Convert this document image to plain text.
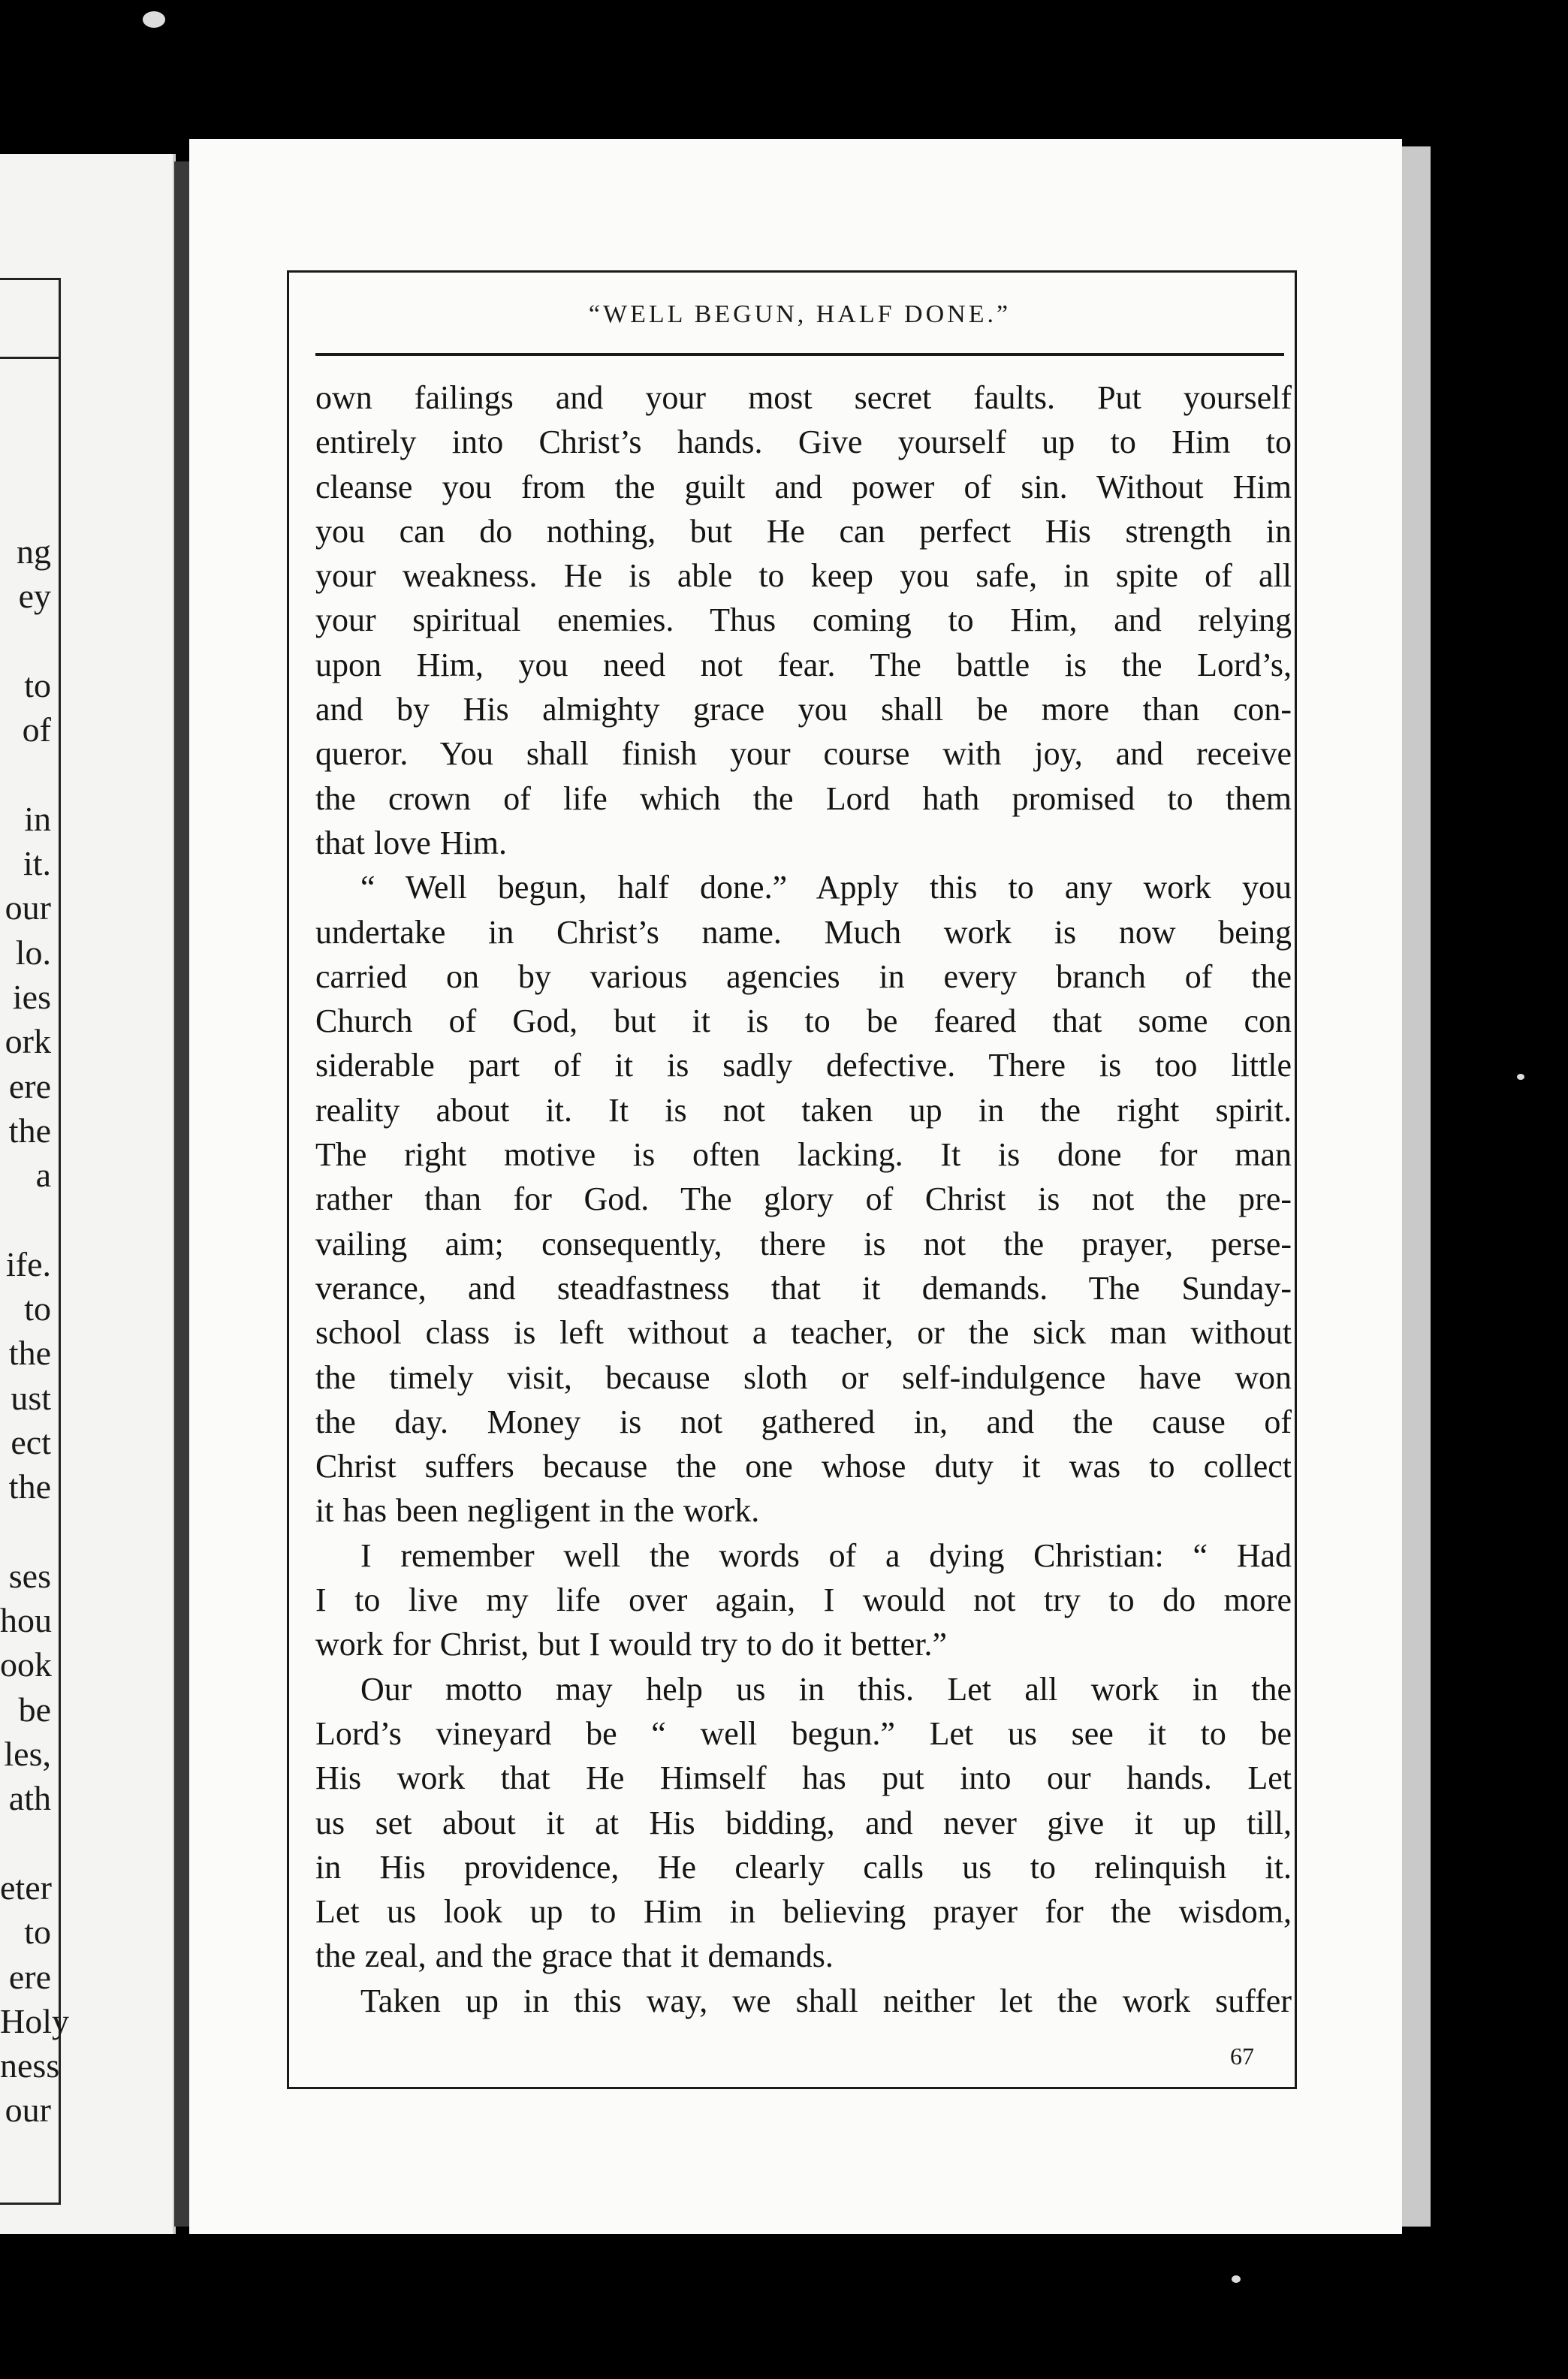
ng
ey
to
of
in
it.
our
lo.
ies
ork
ere
the
a
ife.
to
the
ust
ect
the
ses
hou
ook
be
les,
ath
eter
to
ere
Holy
ness
our
“WELL BEGUN, HALF DONE.”
own failings and your most secret faults. Put yourself
entirely into Christ’s hands. Give yourself up to Him to
cleanse you from the guilt and power of sin. Without Him
you can do nothing, but He can perfect His strength in
your weakness. He is able to keep you safe, in spite of all
your spiritual enemies. Thus coming to Him, and relying
upon Him, you need not fear. The battle is the Lord’s,
and by His almighty grace you shall be more than con-
queror. You shall finish your course with joy, and receive
the crown of life which the Lord hath promised to them
that love Him.
“ Well begun, half done.” Apply this to any work you
undertake in Christ’s name. Much work is now being
carried on by various agencies in every branch of the
Church of God, but it is to be feared that some con
siderable part of it is sadly defective. There is too little
reality about it. It is not taken up in the right spirit.
The right motive is often lacking. It is done for man
rather than for God. The glory of Christ is not the pre-
vailing aim; consequently, there is not the prayer, perse-
verance, and steadfastness that it demands. The Sunday-
school class is left without a teacher, or the sick man without
the timely visit, because sloth or self-indulgence have won
the day. Money is not gathered in, and the cause of
Christ suffers because the one whose duty it was to collect
it has been negligent in the work.
I remember well the words of a dying Christian: “ Had
I to live my life over again, I would not try to do more
work for Christ, but I would try to do it better.”
Our motto may help us in this. Let all work in the
Lord’s vineyard be “ well begun.” Let us see it to be
His work that He Himself has put into our hands. Let
us set about it at His bidding, and never give it up till,
in His providence, He clearly calls us to relinquish it.
Let us look up to Him in believing prayer for the wisdom,
the zeal, and the grace that it demands.
Taken up in this way, we shall neither let the work suffer
67
